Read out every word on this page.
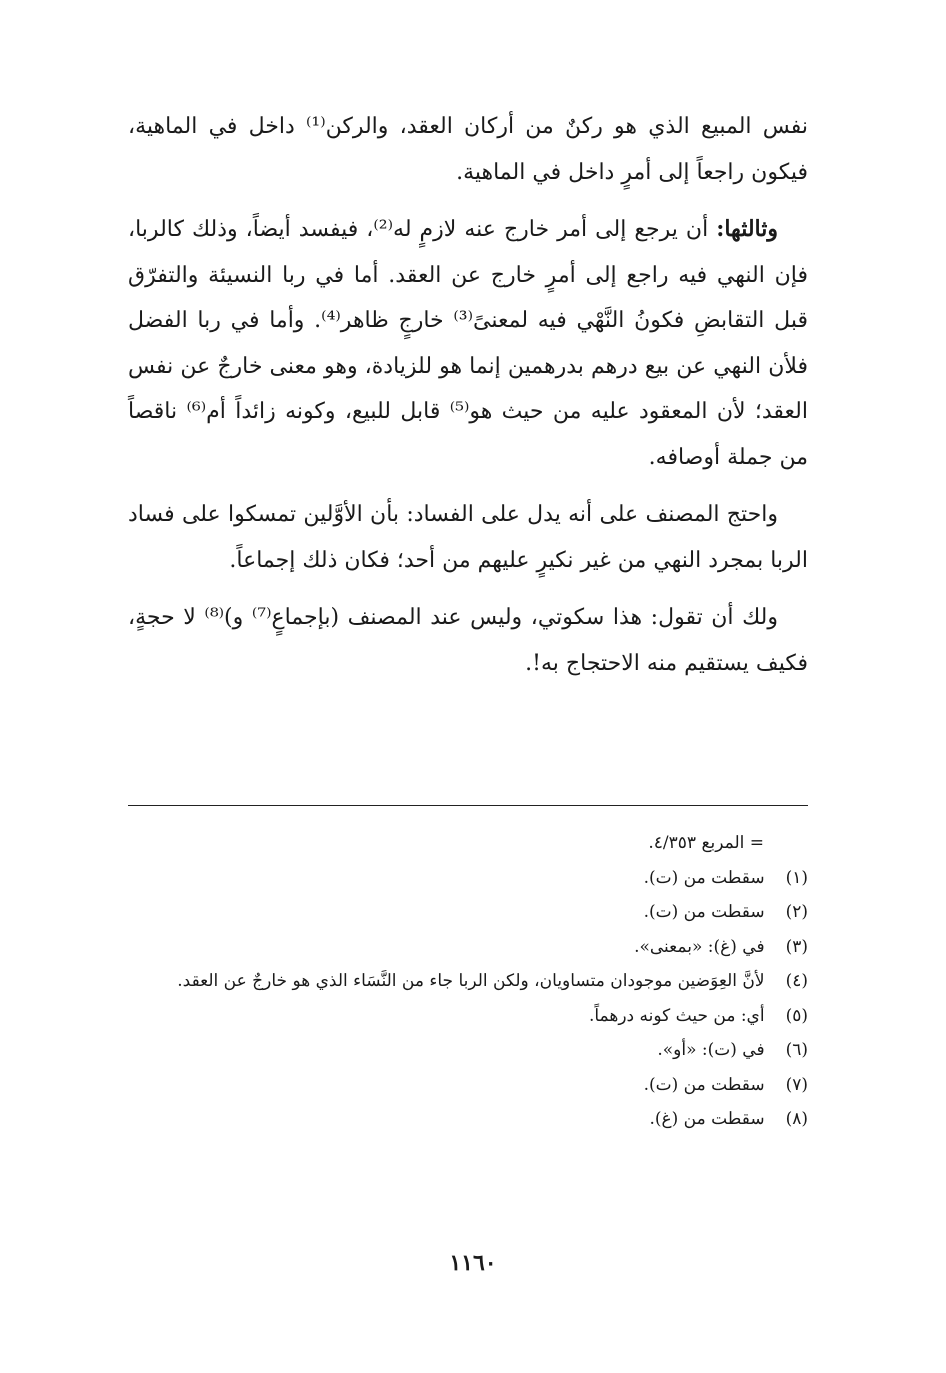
نفس المبيع الذي هو ركنٌ من أركان العقد، والركن⁽¹⁾ داخل في الماهية، فيكون راجعاً إلى أمرٍ داخل في الماهية.

وثالثها: أن يرجع إلى أمر خارج عنه لازمٍ له⁽²⁾، فيفسد أيضاً، وذلك كالربا، فإن النهي فيه راجع إلى أمرٍ خارج عن العقد. أما في ربا النسيئة والتفرّق قبل التقابضِ فكونُ النَّهْي فيه لمعنىً⁽³⁾ خارجٍ ظاهر⁽⁴⁾. وأما في ربا الفضل فلأن النهي عن بيع درهم بدرهمين إنما هو للزيادة، وهو معنى خارجٌ عن نفس العقد؛ لأن المعقود عليه من حيث هو⁽⁵⁾ قابل للبيع، وكونه زائداً أم⁽⁶⁾ ناقصاً من جملة أوصافه.

واحتج المصنف على أنه يدل على الفساد: بأن الأوَّلين تمسكوا على فساد الربا بمجرد النهي من غير نكيرٍ عليهم من أحد؛ فكان ذلك إجماعاً.

ولك أن تقول: هذا سكوتي، وليس عند المصنف (بإجماعٍ⁽⁷⁾ و)⁽⁸⁾ لا حجةٍ، فكيف يستقيم منه الاحتجاج به!.

= المربع ٤/٣٥٣.

(١) سقطت من (ت).

(٢) سقطت من (ت).

(٣) في (غ): «بمعنى».

(٤) لأنَّ العِوَضين موجودان متساويان، ولكن الربا جاء من النَّسَاء الذي هو خارجٌ عن العقد.

(٥) أي: من حيث كونه درهماً.

(٦) في (ت): «أو».

(٧) سقطت من (ت).

(٨) سقطت من (غ).

١١٦٠
